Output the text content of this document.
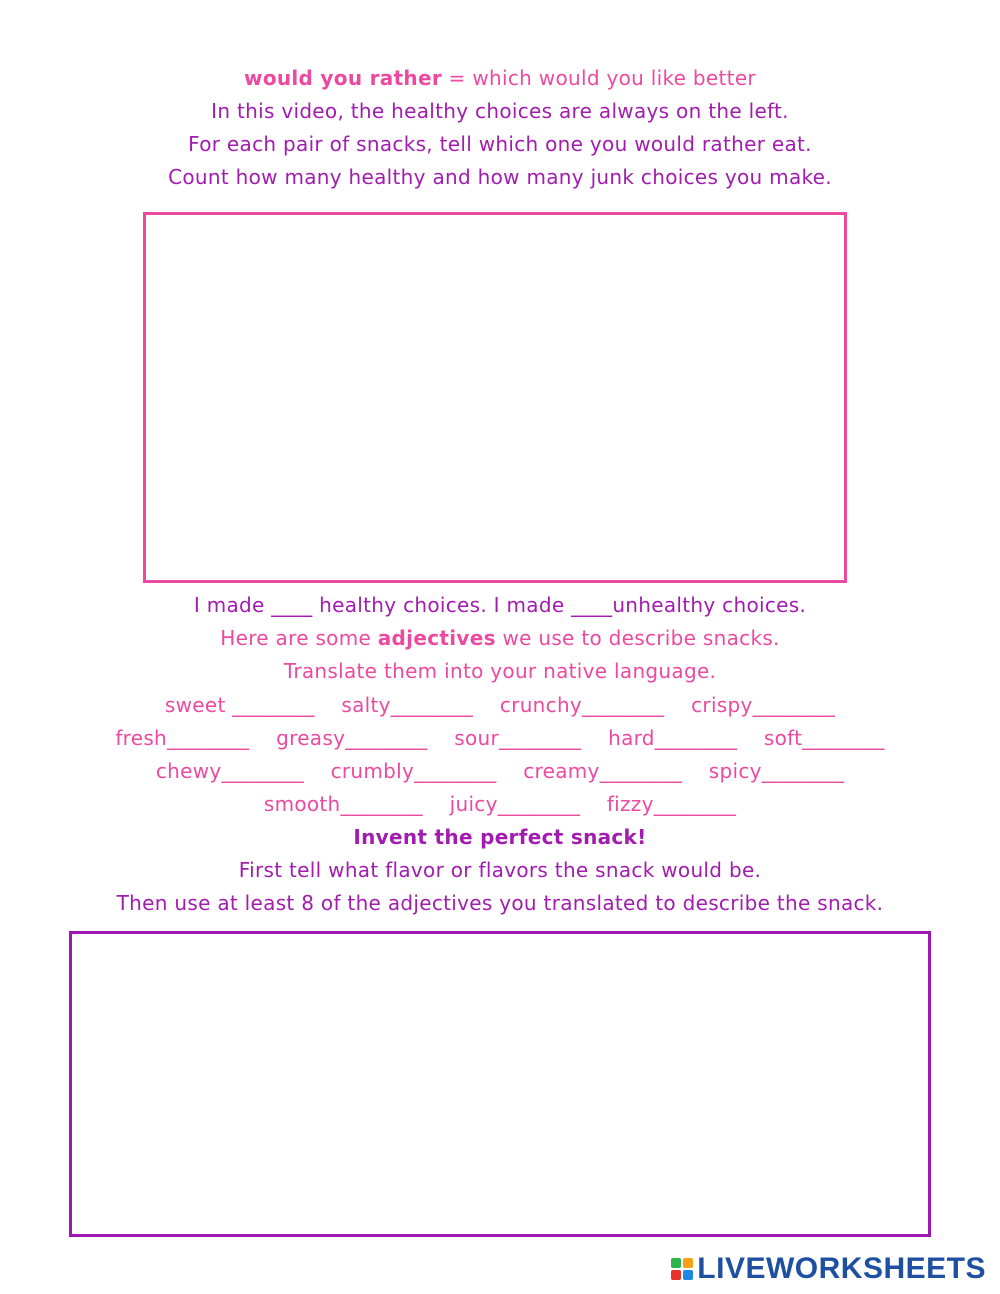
would you rather = which would you like better
In this video, the healthy choices are always on the left.
For each pair of snacks, tell which one you would rather eat.
Count how many healthy and how many junk choices you make.
I made ____ healthy choices. I made ____unhealthy choices.
Here are some adjectives we use to describe snacks.
Translate them into your native language.
sweet ________ salty________ crunchy________ crispy________
fresh________ greasy________ sour________ hard________ soft________
chewy________ crumbly________ creamy________ spicy________
smooth________ juicy________ fizzy________
Invent the perfect snack!
First tell what flavor or flavors the snack would be.
Then use at least 8 of the adjectives you translated to describe the snack.
LIVEWORKSHEETS
